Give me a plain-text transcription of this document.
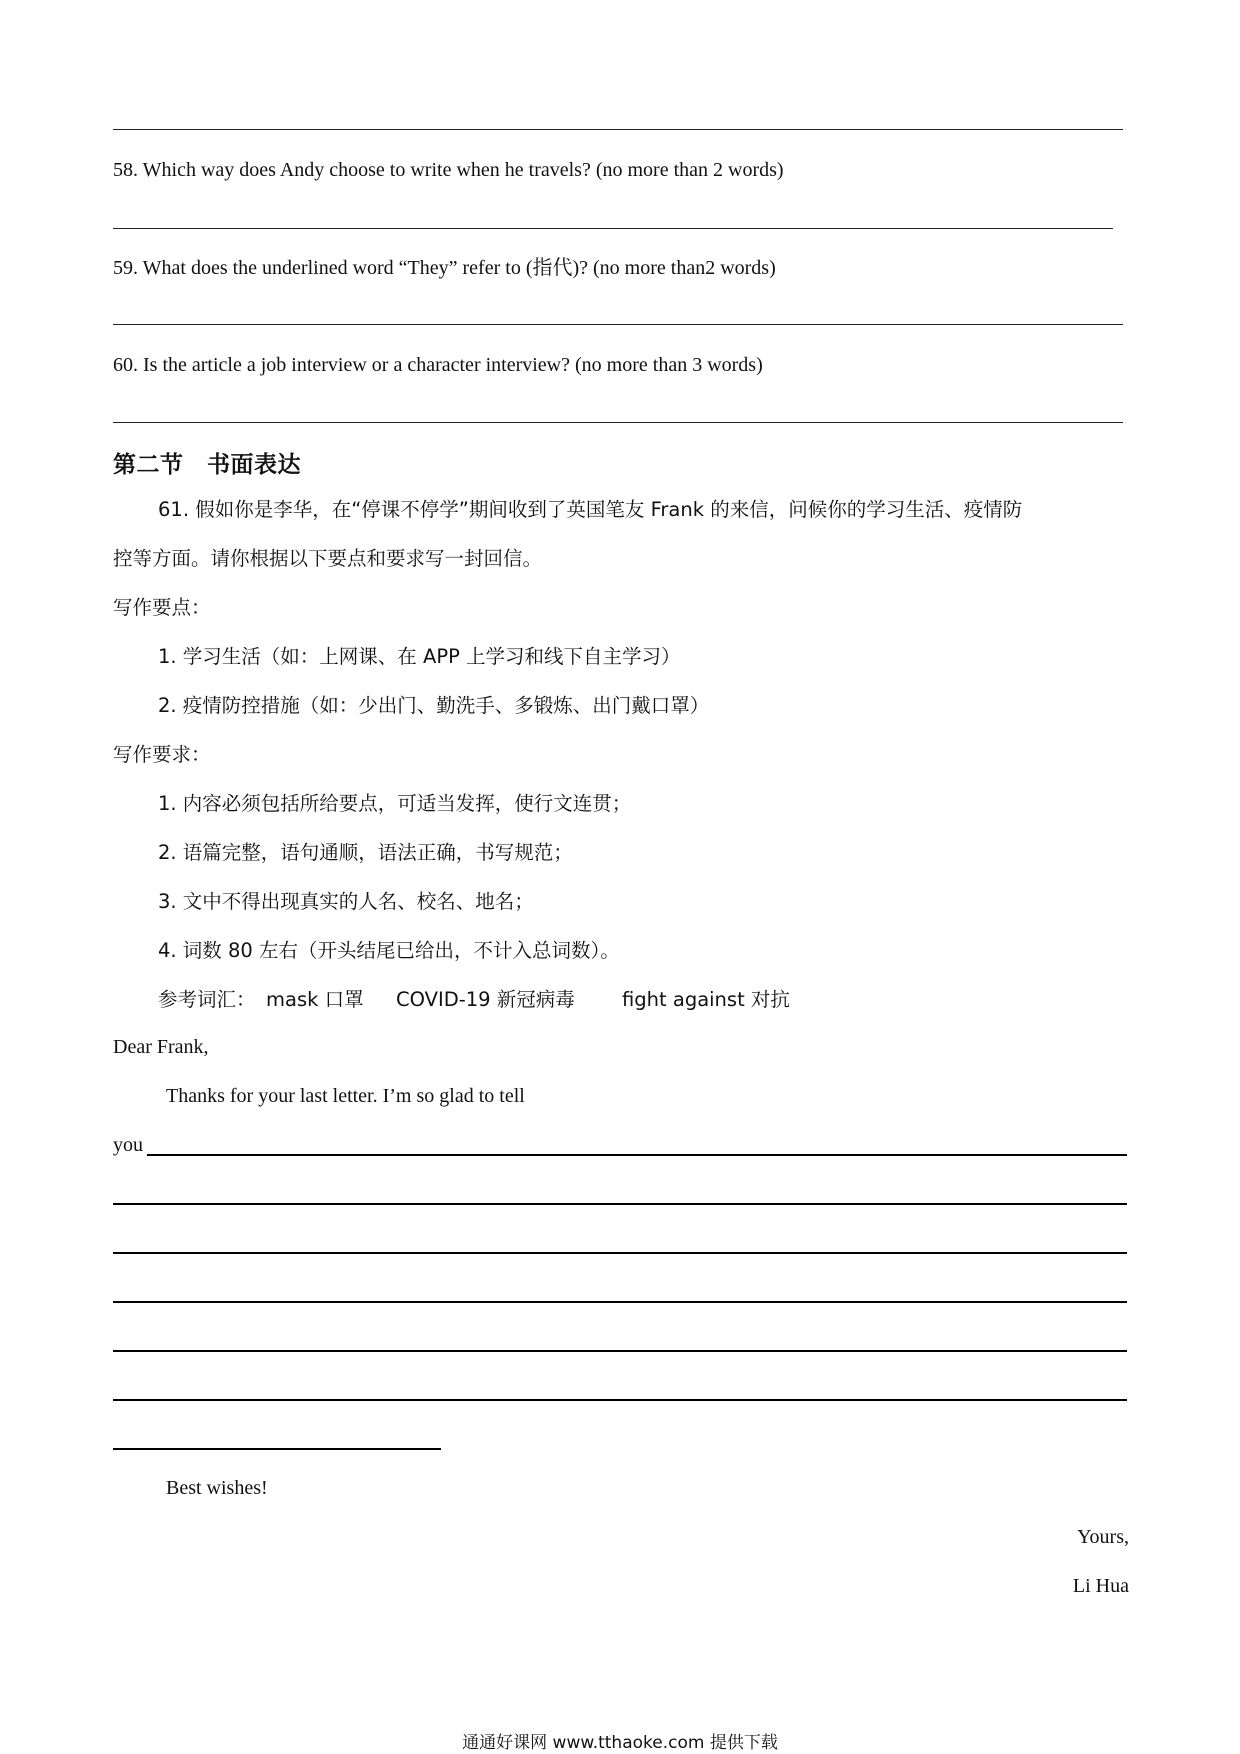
58. Which way does Andy choose to write when he travels? (no more than 2 words)
59. What does the underlined word “They” refer to (指代)? (no more than2 words)
60. Is the article a job interview or a character interview? (no more than 3 words)
第二节　书面表达
61. 假如你是李华，在“停课不停学”期间收到了英国笔友 Frank 的来信，问候你的学习生活、疫情防
控等方面。请你根据以下要点和要求写一封回信。
写作要点：
1. 学习生活（如：上网课、在 APP 上学习和线下自主学习）
2. 疫情防控措施（如：少出门、勤洗手、多锻炼、出门戴口罩）
写作要求：
1. 内容必须包括所给要点，可适当发挥，使行文连贯；
2. 语篇完整，语句通顺，语法正确，书写规范；
3. 文中不得出现真实的人名、校名、地名；
4. 词数 80 左右（开头结尾已给出，不计入总词数）。
参考词汇： mask 口罩 COVID-19 新冠病毒 fight against 对抗
Dear Frank,
Thanks for your last letter. I’m so glad to tell
you
Best wishes!
Yours,
Li Hua
通通好课网 www.tthaoke.com 提供下载
